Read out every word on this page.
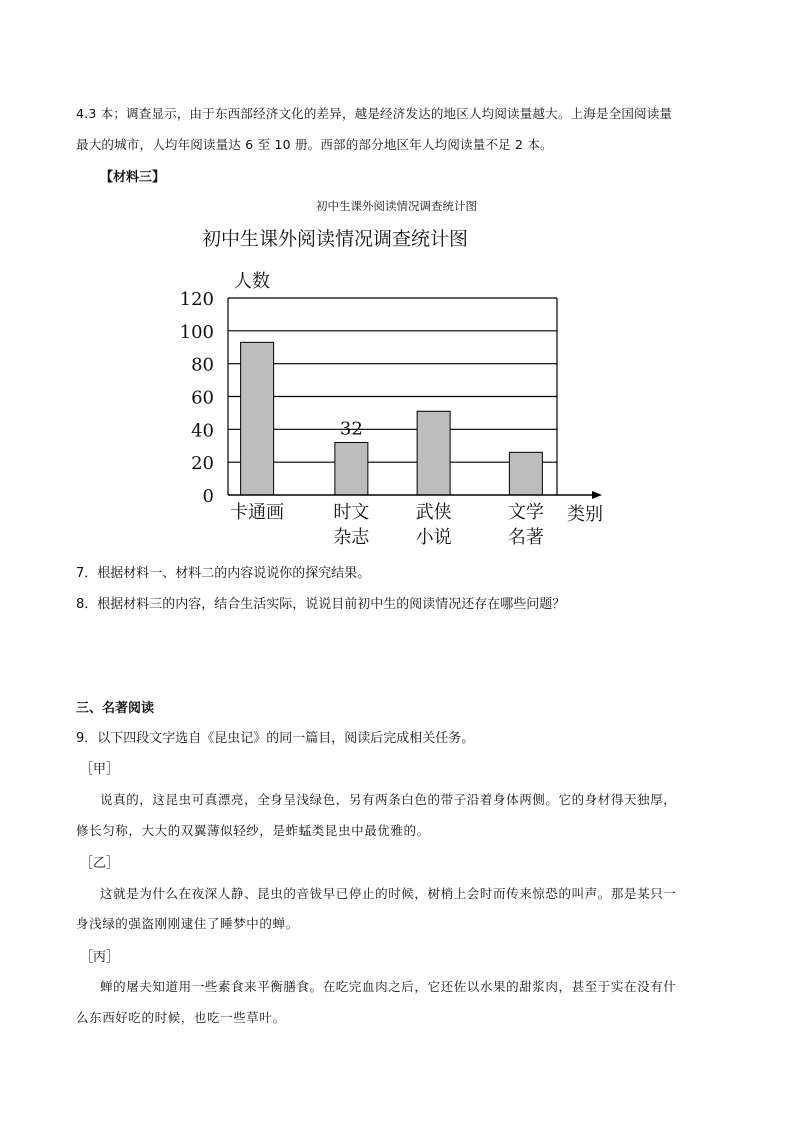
4.3 本；调查显示，由于东西部经济文化的差异，越是经济发达的地区人均阅读量越大。上海是全国阅读量
最大的城市，人均年阅读量达 6 至 10 册。西部的部分地区年人均阅读量不足 2 本。
【材料三】
初中生课外阅读情况调查统计图
初中生课外阅读情况调查统计图
人数
类别
0
20
40
60
80
100
120
卡通画	时文
杂志
武侠
小说
文学
名著
32
7．根据材料一、材料二的内容说说你的探究结果。
8．根据材料三的内容，结合生活实际，说说目前初中生的阅读情况还存在哪些问题？
三、名著阅读
9．以下四段文字选自《昆虫记》的同一篇目，阅读后完成相关任务。
［甲］
说真的，这昆虫可真漂亮，全身呈浅绿色，另有两条白色的带子沿着身体两侧。它的身材得天独厚，
修长匀称，大大的双翼薄似轻纱，是蚱蜢类昆虫中最优雅的。
［乙］
这就是为什么在夜深人静、昆虫的音钹早已停止的时候，树梢上会时而传来惊恐的叫声。那是某只一
身浅绿的强盗刚刚逮住了睡梦中的蝉。
［丙］
蝉的屠夫知道用一些素食来平衡膳食。在吃完血肉之后，它还佐以水果的甜浆肉，甚至于实在没有什
么东西好吃的时候，也吃一些草叶。
